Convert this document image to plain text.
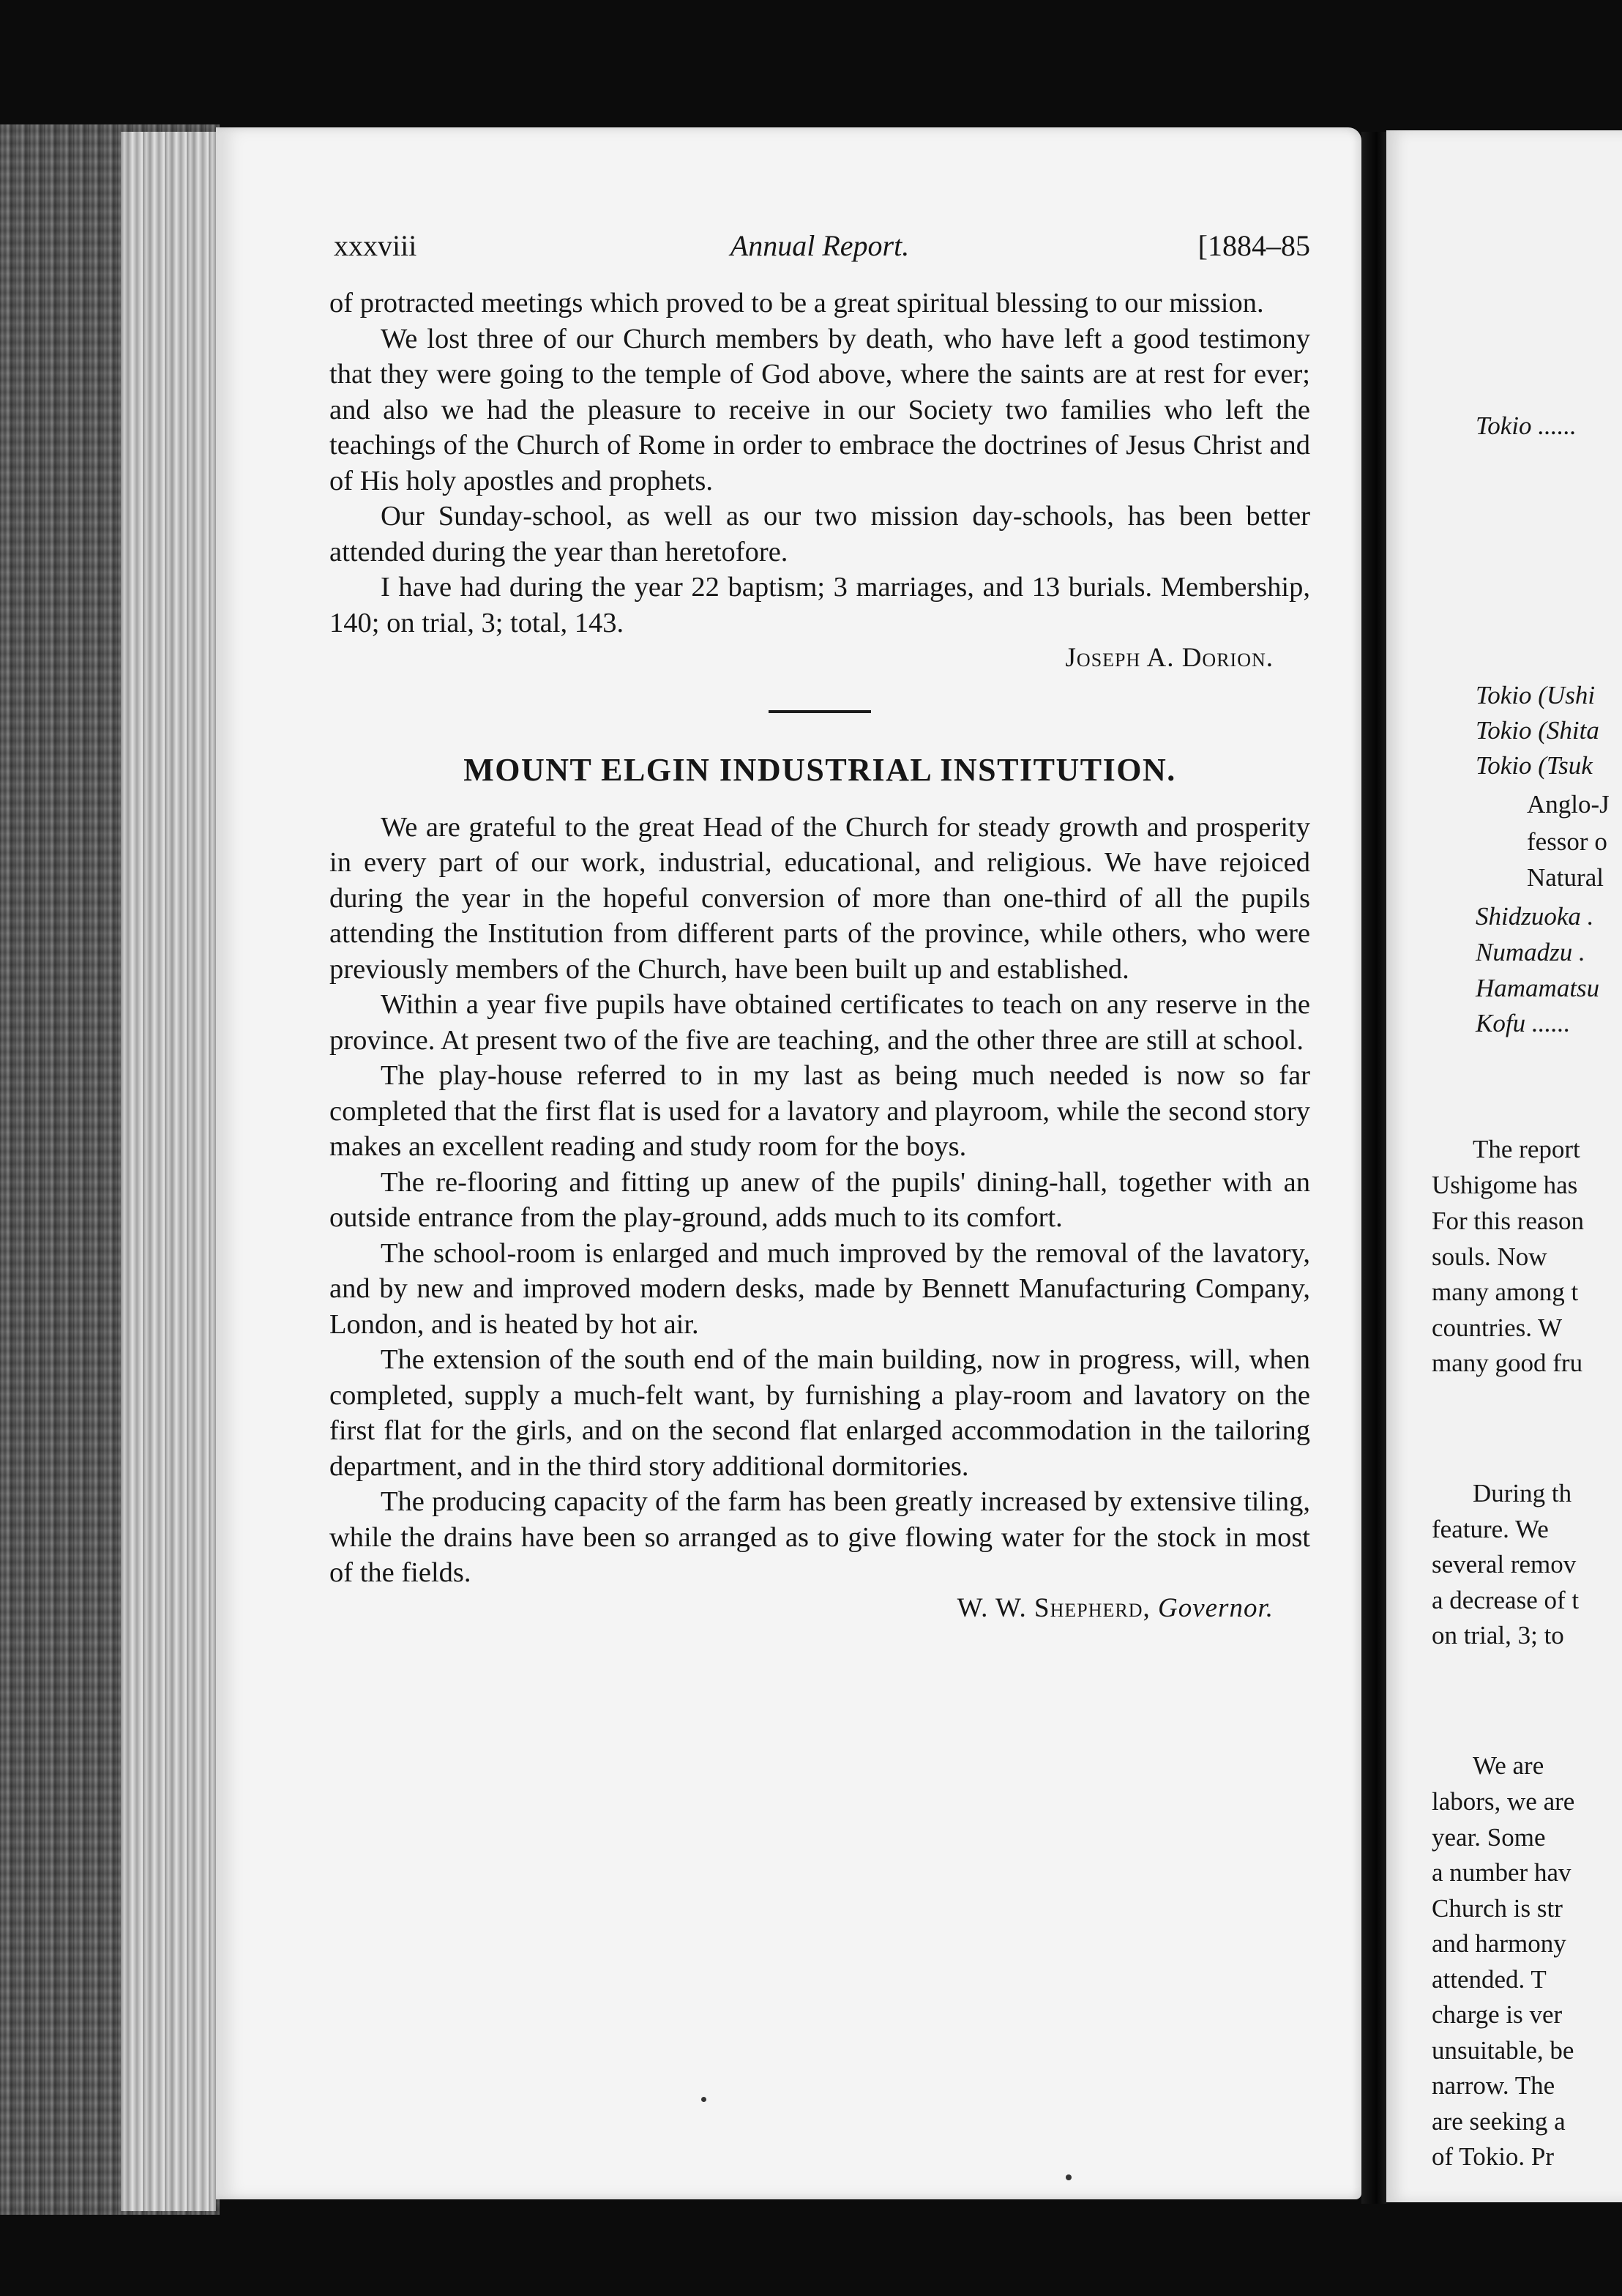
Tokio ......
Tokio (Ushi
Tokio (Shita
Tokio (Tsuk
Anglo-J
fessor o
Natural
Shidzuoka .
Numadzu .
Hamamatsu
Kofu ......
The report
Ushigome has
For this reason
souls. Now
many among t
countries. W
many good fru
During th
feature. We
several remov
a decrease of t
on trial, 3; to
We are
labors, we are
year. Some
a number hav
Church is str
and harmony
attended. T
charge is ver
unsuitable, be
narrow. The
are seeking a
of Tokio. Pr
xxxviii	Annual Report.	[1884–85

of protracted meetings which proved to be a great spiritual blessing to our mission.

We lost three of our Church members by death, who have left a good testimony that they were going to the temple of God above, where the saints are at rest for ever; and also we had the pleasure to receive in our Society two families who left the teachings of the Church of Rome in order to embrace the doctrines of Jesus Christ and of His holy apostles and prophets.

Our Sunday-school, as well as our two mission day-schools, has been better attended during the year than heretofore.

I have had during the year 22 baptism; 3 marriages, and 13 burials. Membership, 140; on trial, 3; total, 143.

Joseph A. Dorion.

MOUNT ELGIN INDUSTRIAL INSTITUTION.

We are grateful to the great Head of the Church for steady growth and prosperity in every part of our work, industrial, educational, and religious. We have rejoiced during the year in the hopeful conversion of more than one-third of all the pupils attending the Institution from different parts of the province, while others, who were previously members of the Church, have been built up and established.

Within a year five pupils have obtained certificates to teach on any reserve in the province. At present two of the five are teaching, and the other three are still at school.

The play-house referred to in my last as being much needed is now so far completed that the first flat is used for a lavatory and playroom, while the second story makes an excellent reading and study room for the boys.

The re-flooring and fitting up anew of the pupils' dining-hall, together with an outside entrance from the play-ground, adds much to its comfort.

The school-room is enlarged and much improved by the removal of the lavatory, and by new and improved modern desks, made by Bennett Manufacturing Company, London, and is heated by hot air.

The extension of the south end of the main building, now in progress, will, when completed, supply a much-felt want, by furnishing a play-room and lavatory on the first flat for the girls, and on the second flat enlarged accommodation in the tailoring department, and in the third story additional dormitories.

The producing capacity of the farm has been greatly increased by extensive tiling, while the drains have been so arranged as to give flowing water for the stock in most of the fields.

W. W. Shepherd, Governor.
